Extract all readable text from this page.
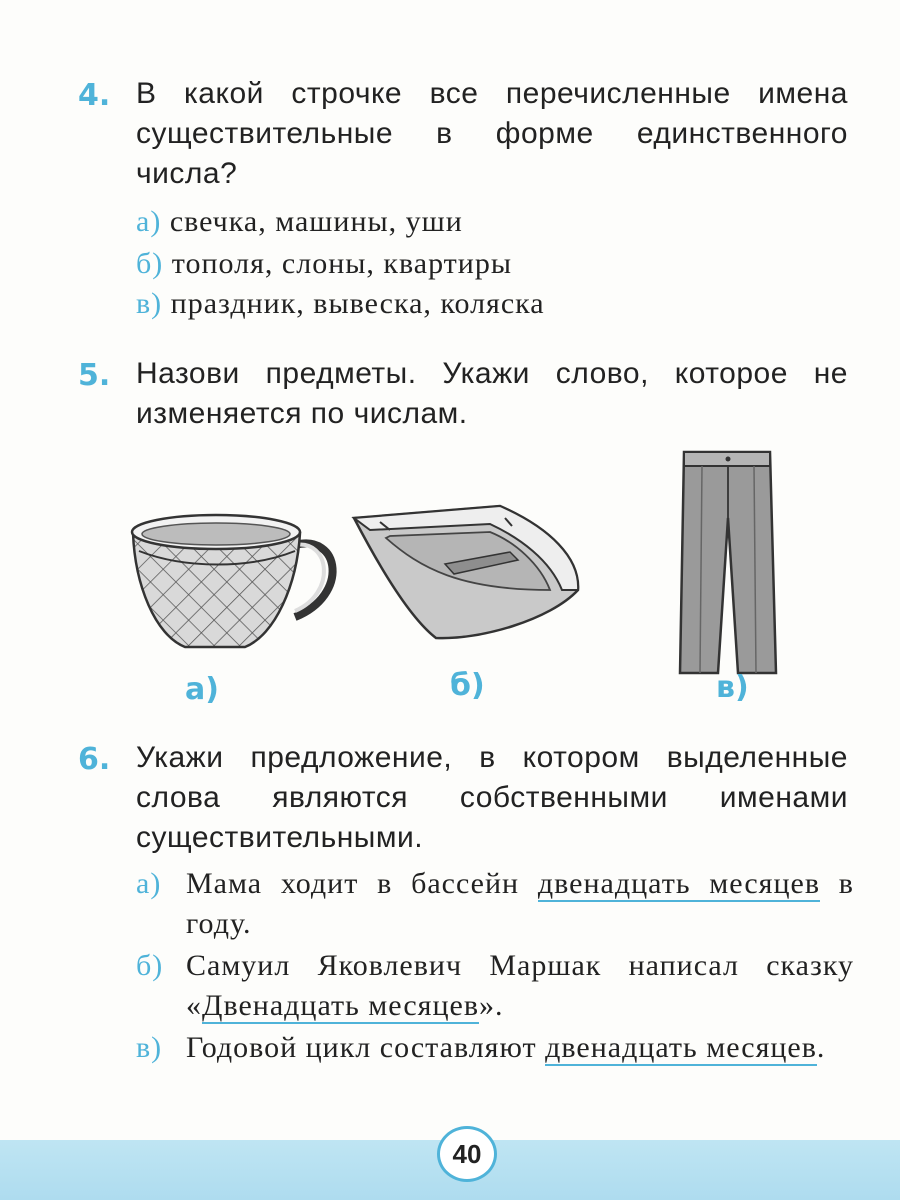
4. В какой строчке все перечисленные имена существительные в форме единственного числа?
а) свечка, машины, уши
б) тополя, слоны, квартиры
в) праздник, вывеска, коляска
5. Назови предметы. Укажи слово, которое не изменяется по числам.
а)	б)	в)
6. Укажи предложение, в котором выделенные слова являются собственными именами существительными.
а) Мама ходит в бассейн двенадцать месяцев в году.
б) Самуил Яковлевич Маршак написал сказку «Двенадцать месяцев».
в) Годовой цикл составляют двенадцать месяцев.
40
